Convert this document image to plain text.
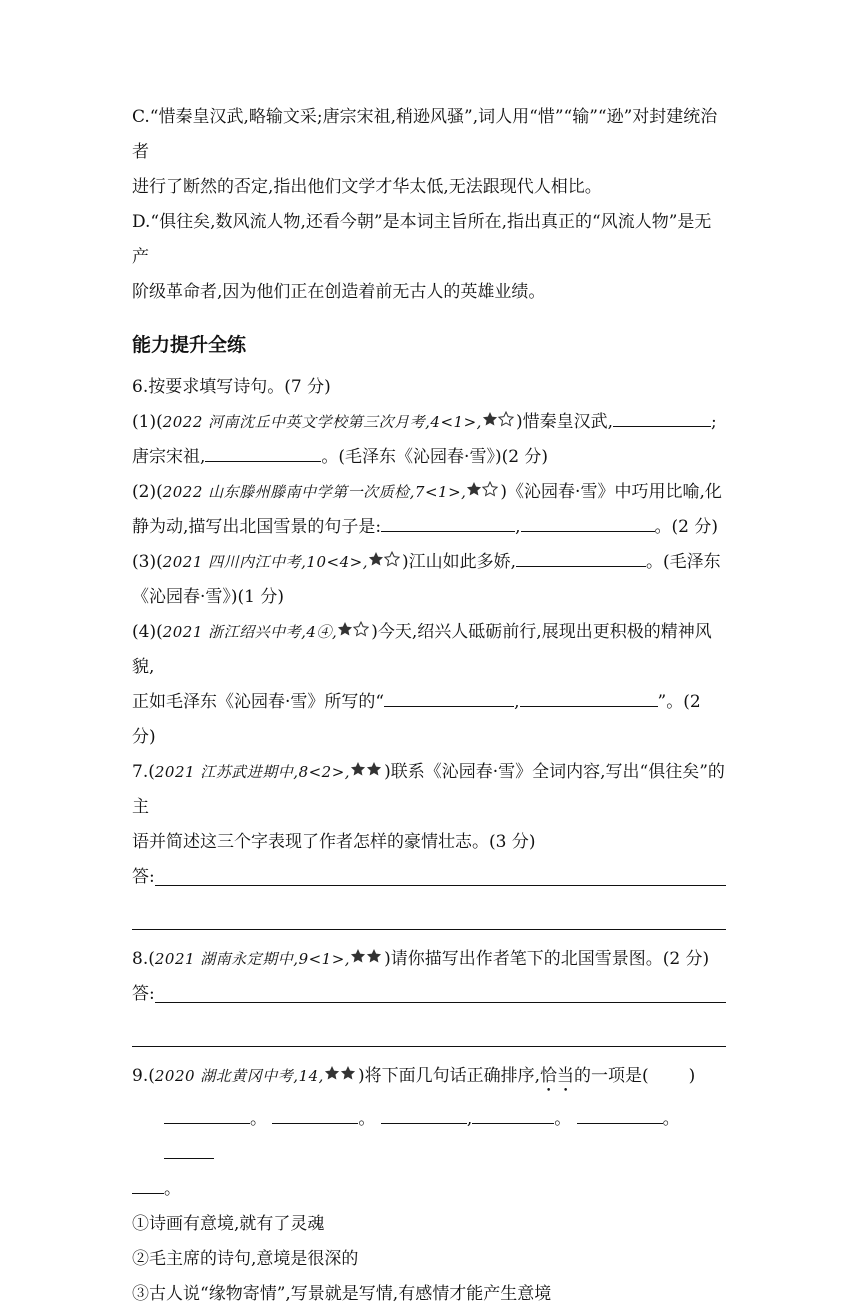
C.“惜秦皇汉武,略输文采;唐宗宋祖,稍逊风骚”,词人用“惜”“输”“逊”对封建统治者

进行了断然的否定,指出他们文学才华太低,无法跟现代人相比。

D.“俱往矣,数风流人物,还看今朝”是本词主旨所在,指出真正的“风流人物”是无产

阶级革命者,因为他们正在创造着前无古人的英雄业绩。

能力提升全练

6.按要求填写诗句。(7 分)

(1)(2022 河南沈丘中英文学校第三次月考,4<1>, )惜秦皇汉武,	;
唐宗宋祖,	。(毛泽东《沁园春·雪》)(2 分)

(2)(2022 山东滕州滕南中学第一次质检,7<1>, )《沁园春·雪》中巧用比喻,化
静为动,描写出北国雪景的句子是:	,	。(2 分)

(3)(2021 四川内江中考,10<4>, )江山如此多娇,	。(毛泽东
《沁园春·雪》)(1 分)

(4)(2021 浙江绍兴中考,4④, )今天,绍兴人砥砺前行,展现出更积极的精神风貌,
正如毛泽东《沁园春·雪》所写的“	,	”。(2
分)

7.(2021 江苏武进期中,8<2>, )联系《沁园春·雪》全词内容,写出“俱往矣”的主
语并简述这三个字表现了作者怎样的豪情壮志。(3 分)

答:

8.(2021 湖南永定期中,9<1>, )请你描写出作者笔下的北国雪景图。(2 分)

答:

9.(2020 湖北黄冈中考,14, )将下面几句话正确排序,恰当的一项是( )

。	。	,	。	。
。

①诗画有意境,就有了灵魂

②毛主席的诗句,意境是很深的

③古人说“缘物寄情”,写景就是写情,有感情才能产生意境
